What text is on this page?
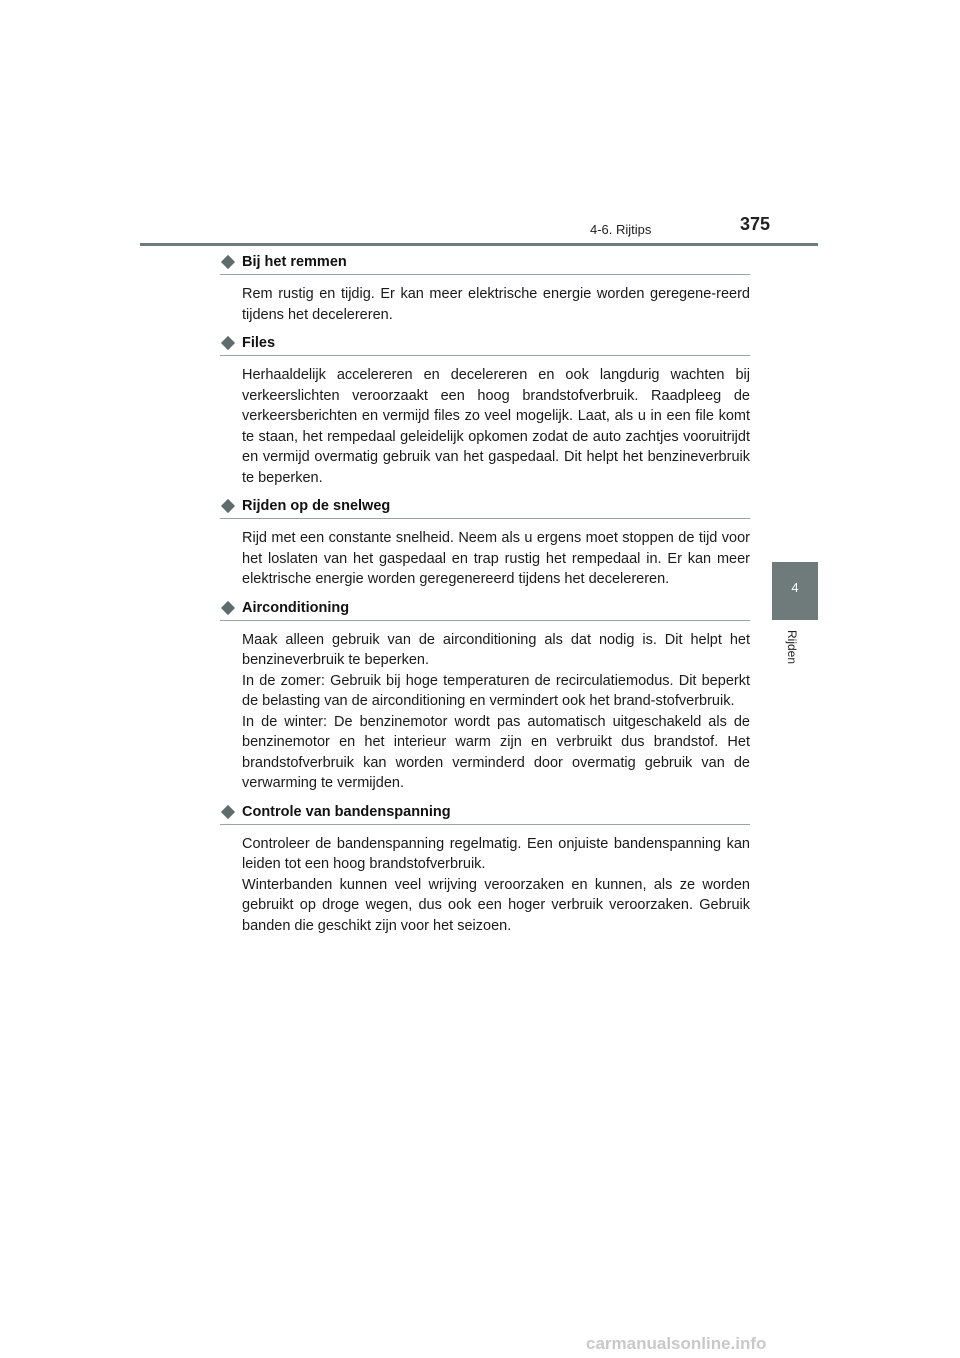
4-6. Rijtips	375
4
Rijden
Bij het remmen

Rem rustig en tijdig. Er kan meer elektrische energie worden geregene-reerd tijdens het decelereren.

Files

Herhaaldelijk accelereren en decelereren en ook langdurig wachten bij verkeerslichten veroorzaakt een hoog brandstofverbruik. Raadpleeg de verkeersberichten en vermijd files zo veel mogelijk. Laat, als u in een file komt te staan, het rempedaal geleidelijk opkomen zodat de auto zachtjes vooruitrijdt en vermijd overmatig gebruik van het gaspedaal. Dit helpt het benzineverbruik te beperken.

Rijden op de snelweg

Rijd met een constante snelheid. Neem als u ergens moet stoppen de tijd voor het loslaten van het gaspedaal en trap rustig het rempedaal in. Er kan meer elektrische energie worden geregenereerd tijdens het decelereren.

Airconditioning

Maak alleen gebruik van de airconditioning als dat nodig is. Dit helpt het benzineverbruik te beperken.

In de zomer: Gebruik bij hoge temperaturen de recirculatiemodus. Dit beperkt de belasting van de airconditioning en vermindert ook het brand-stofverbruik.

In de winter: De benzinemotor wordt pas automatisch uitgeschakeld als de benzinemotor en het interieur warm zijn en verbruikt dus brandstof. Het brandstofverbruik kan worden verminderd door overmatig gebruik van de verwarming te vermijden.

Controle van bandenspanning

Controleer de bandenspanning regelmatig. Een onjuiste bandenspanning kan leiden tot een hoog brandstofverbruik.

Winterbanden kunnen veel wrijving veroorzaken en kunnen, als ze worden gebruikt op droge wegen, dus ook een hoger verbruik veroorzaken. Gebruik banden die geschikt zijn voor het seizoen.

carmanualsonline.info
